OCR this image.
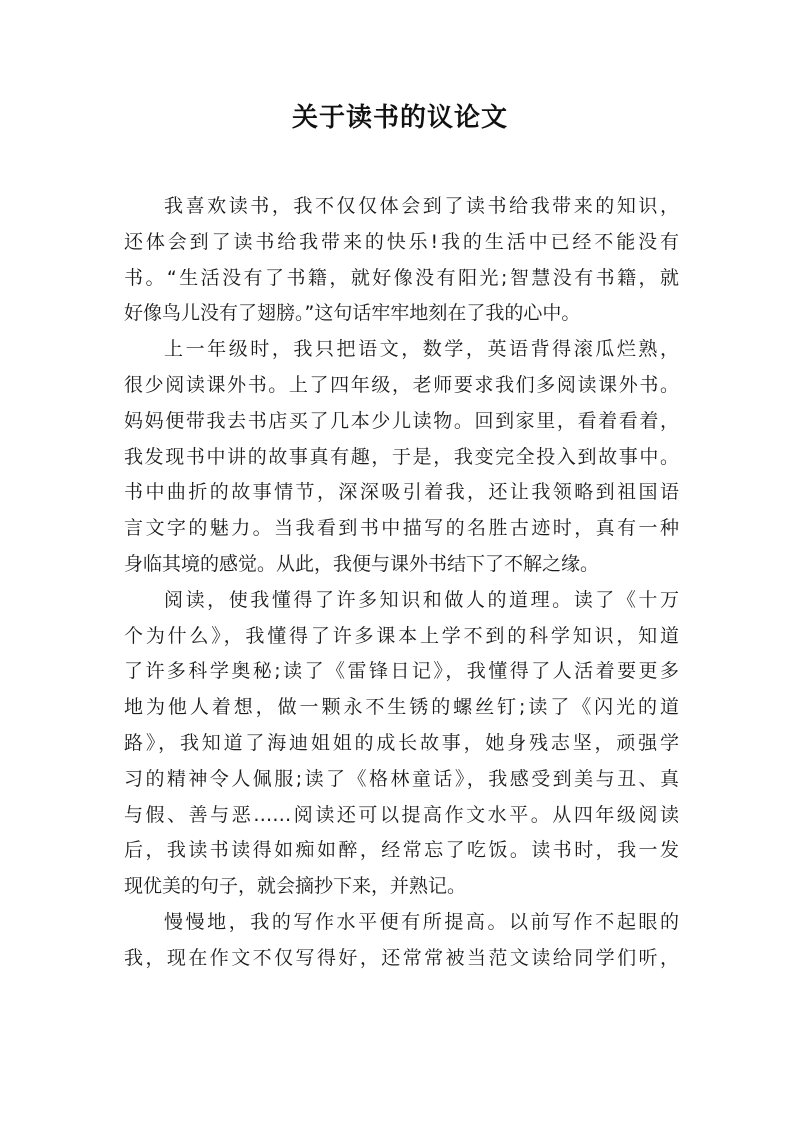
关于读书的议论文
我喜欢读书，我不仅仅体会到了读书给我带来的知识，
还体会到了读书给我带来的快乐!我的生活中已经不能没有
书。“生活没有了书籍，就好像没有阳光;智慧没有书籍，就
好像鸟儿没有了翅膀。”这句话牢牢地刻在了我的心中。
上一年级时，我只把语文，数学，英语背得滚瓜烂熟，
很少阅读课外书。上了四年级，老师要求我们多阅读课外书。
妈妈便带我去书店买了几本少儿读物。回到家里，看着看着，
我发现书中讲的故事真有趣，于是，我变完全投入到故事中。
书中曲折的故事情节，深深吸引着我，还让我领略到祖国语
言文字的魅力。当我看到书中描写的名胜古迹时，真有一种
身临其境的感觉。从此，我便与课外书结下了不解之缘。
阅读，使我懂得了许多知识和做人的道理。读了《十万
个为什么》，我懂得了许多课本上学不到的科学知识，知道
了许多科学奥秘;读了《雷锋日记》，我懂得了人活着要更多
地为他人着想，做一颗永不生锈的螺丝钉;读了《闪光的道
路》，我知道了海迪姐姐的成长故事，她身残志坚，顽强学
习的精神令人佩服;读了《格林童话》，我感受到美与丑、真
与假、善与恶……阅读还可以提高作文水平。从四年级阅读
后，我读书读得如痴如醉，经常忘了吃饭。读书时，我一发
现优美的句子，就会摘抄下来，并熟记。
慢慢地，我的写作水平便有所提高。以前写作不起眼的
我，现在作文不仅写得好，还常常被当范文读给同学们听，
